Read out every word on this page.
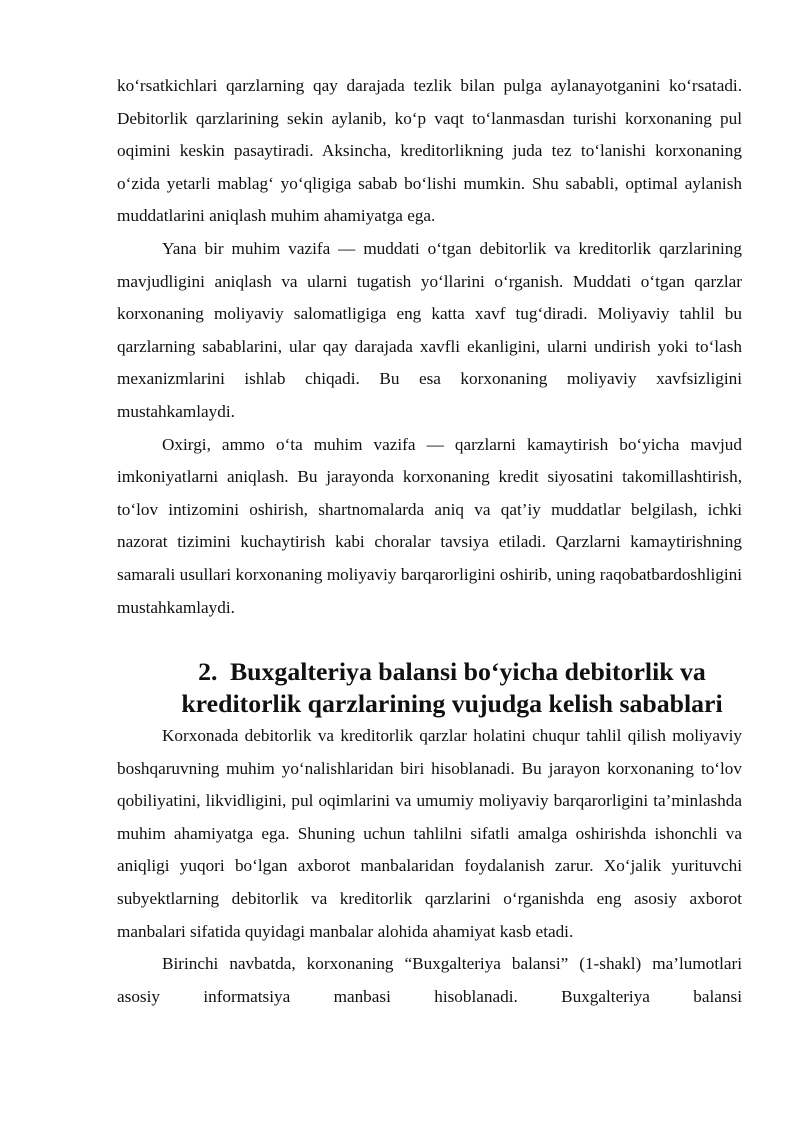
ko‘rsatkichlari qarzlarning qay darajada tezlik bilan pulga aylanayotganini ko‘rsatadi. Debitorlik qarzlarining sekin aylanib, ko‘p vaqt to‘lanmasdan turishi korxonaning pul oqimini keskin pasaytiradi. Aksincha, kreditorlikning juda tez to‘lanishi korxonaning o‘zida yetarli mablag‘ yo‘qligiga sabab bo‘lishi mumkin. Shu sababli, optimal aylanish muddatlarini aniqlash muhim ahamiyatga ega.

Yana bir muhim vazifa — muddati o‘tgan debitorlik va kreditorlik qarzlarining mavjudligini aniqlash va ularni tugatish yo‘llarini o‘rganish. Muddati o‘tgan qarzlar korxonaning moliyaviy salomatligiga eng katta xavf tug‘diradi. Moliyaviy tahlil bu qarzlarning sabablarini, ular qay darajada xavfli ekanligini, ularni undirish yoki to‘lash mexanizmlarini ishlab chiqadi. Bu esa korxonaning moliyaviy xavfsizligini mustahkamlaydi.

Oxirgi, ammo o‘ta muhim vazifa — qarzlarni kamaytirish bo‘yicha mavjud imkoniyatlarni aniqlash. Bu jarayonda korxonaning kredit siyosatini takomillashtirish, to‘lov intizomini oshirish, shartnomalarda aniq va qat’iy muddatlar belgilash, ichki nazorat tizimini kuchaytirish kabi choralar tavsiya etiladi. Qarzlarni kamaytirishning samarali usullari korxonaning moliyaviy barqarorligini oshirib, uning raqobatbardoshligini mustahkamlaydi.

2. Buxgalteriya balansi bo‘yicha debitorlik va kreditorlik qarzlarining vujudga kelish sabablari

Korxonada debitorlik va kreditorlik qarzlar holatini chuqur tahlil qilish moliyaviy boshqaruvning muhim yo‘nalishlaridan biri hisoblanadi. Bu jarayon korxonaning to‘lov qobiliyatini, likvidligini, pul oqimlarini va umumiy moliyaviy barqarorligini ta’minlashda muhim ahamiyatga ega. Shuning uchun tahlilni sifatli amalga oshirishda ishonchli va aniqligi yuqori bo‘lgan axborot manbalaridan foydalanish zarur. Xo‘jalik yurituvchi subyektlarning debitorlik va kreditorlik qarzlarini o‘rganishda eng asosiy axborot manbalari sifatida quyidagi manbalar alohida ahamiyat kasb etadi.

Birinchi navbatda, korxonaning “Buxgalteriya balansi” (1-shakl) ma’lumotlari asosiy informatsiya manbasi hisoblanadi. Buxgalteriya balansi
